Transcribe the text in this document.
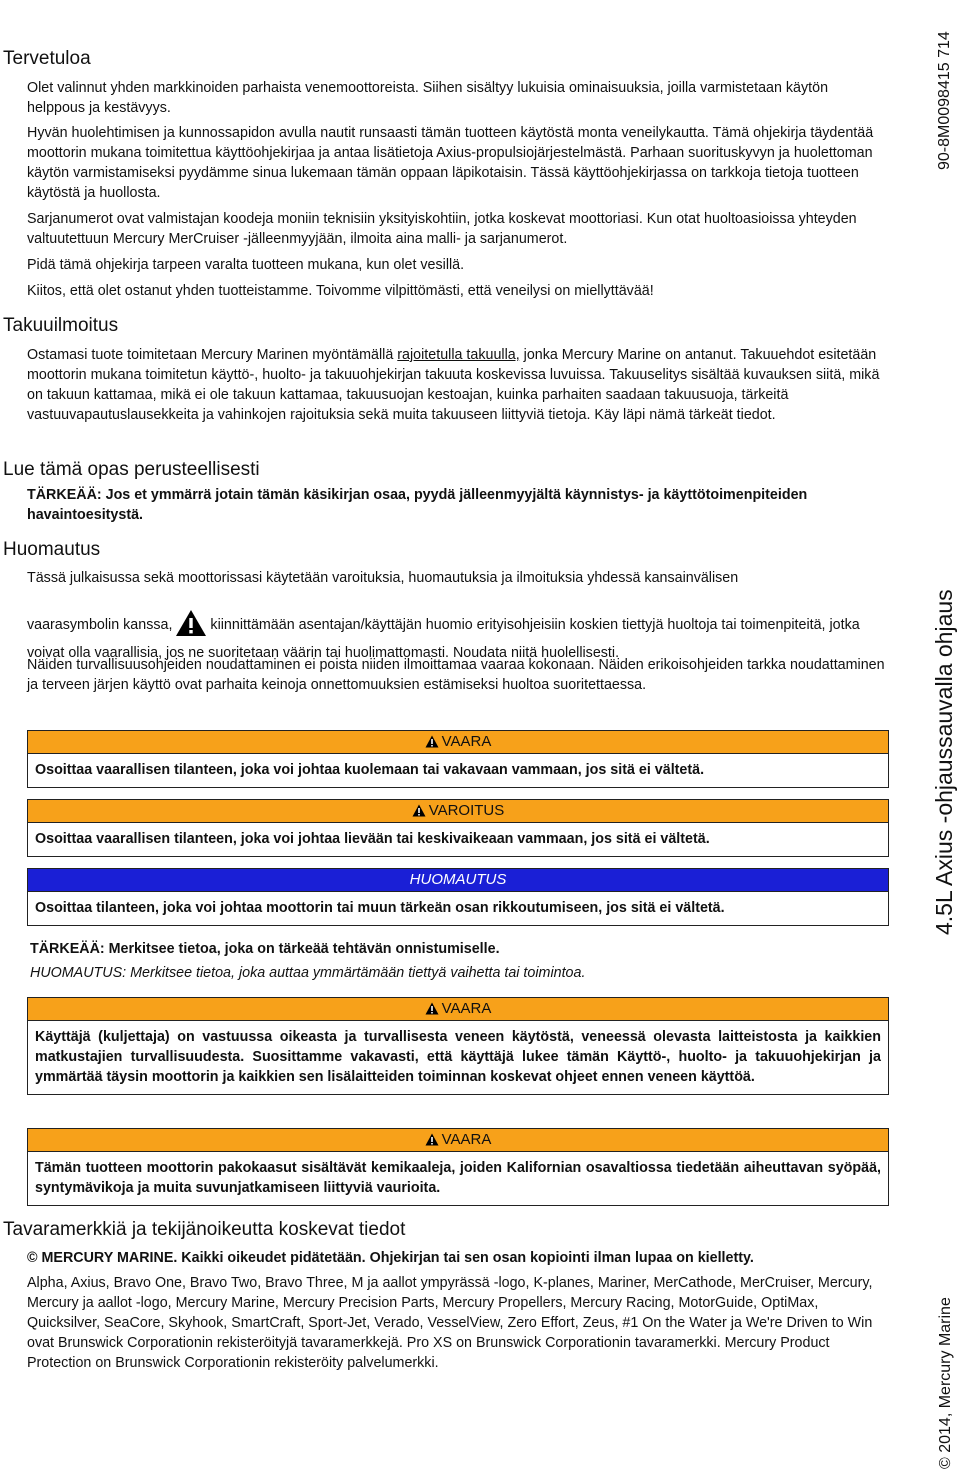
Tervetuloa

Olet valinnut yhden markkinoiden parhaista venemoottoreista. Siihen sisältyy lukuisia ominaisuuksia, joilla varmistetaan käytön helppous ja kestävyys.

Hyvän huolehtimisen ja kunnossapidon avulla nautit runsaasti tämän tuotteen käytöstä monta veneilykautta. Tämä ohjekirja täydentää moottorin mukana toimitettua käyttöohjekirjaa ja antaa lisätietoja Axius-propulsiojärjestelmästä. Parhaan suorituskyvyn ja huolettoman käytön varmistamiseksi pyydämme sinua lukemaan tämän oppaan läpikotaisin. Tässä käyttöohjekirjassa on tarkkoja tietoja tuotteen käytöstä ja huollosta.

Sarjanumerot ovat valmistajan koodeja moniin teknisiin yksityiskohtiin, jotka koskevat moottoriasi. Kun otat huoltoasioissa yhteyden valtuutettuun Mercury MerCruiser -jälleenmyyjään, ilmoita aina malli- ja sarjanumerot.

Pidä tämä ohjekirja tarpeen varalta tuotteen mukana, kun olet vesillä.

Kiitos, että olet ostanut yhden tuotteistamme. Toivomme vilpittömästi, että veneilysi on miellyttävää!

Takuuilmoitus

Ostamasi tuote toimitetaan Mercury Marinen myöntämällä rajoitetulla takuulla, jonka Mercury Marine on antanut. Takuuehdot esitetään moottorin mukana toimitetun käyttö-, huolto- ja takuuohjekirjan takuuta koskevissa luvuissa. Takuuselitys sisältää kuvauksen siitä, mikä on takuun kattamaa, mikä ei ole takuun kattamaa, takuusuojan kestoajan, kuinka parhaiten saadaan takuusuoja, tärkeitä vastuuvapautuslausekkeita ja vahinkojen rajoituksia sekä muita takuuseen liittyviä tietoja. Käy läpi nämä tärkeät tiedot.

Lue tämä opas perusteellisesti

TÄRKEÄÄ: Jos et ymmärrä jotain tämän käsikirjan osaa, pyydä jälleenmyyjältä käynnistys- ja käyttötoimenpiteiden havaintoesitystä.

Huomautus

Tässä julkaisussa sekä moottorissasi käytetään varoituksia, huomautuksia ja ilmoituksia yhdessä kansainvälisen

vaarasymbolin kanssa,	kiinnittämään asentajan/käyttäjän huomio erityisohjeisiin koskien tiettyjä huoltoja tai toimenpiteitä, jotka voivat olla vaarallisia, jos ne suoritetaan väärin tai huolimattomasti. Noudata niitä huolellisesti.

Näiden turvallisuusohjeiden noudattaminen ei poista niiden ilmoittamaa vaaraa kokonaan. Näiden erikoisohjeiden tarkka noudattaminen ja terveen järjen käyttö ovat parhaita keinoja onnettomuuksien estämiseksi huoltoa suoritettaessa.

VAARA
Osoittaa vaarallisen tilanteen, joka voi johtaa kuolemaan tai vakavaan vammaan, jos sitä ei vältetä.
VAROITUS
Osoittaa vaarallisen tilanteen, joka voi johtaa lievään tai keskivaikeaan vammaan, jos sitä ei vältetä.
HUOMAUTUS
Osoittaa tilanteen, joka voi johtaa moottorin tai muun tärkeän osan rikkoutumiseen, jos sitä ei vältetä.

TÄRKEÄÄ: Merkitsee tietoa, joka on tärkeää tehtävän onnistumiselle.

HUOMAUTUS: Merkitsee tietoa, joka auttaa ymmärtämään tiettyä vaihetta tai toimintoa.

VAARA
Käyttäjä (kuljettaja) on vastuussa oikeasta ja turvallisesta veneen käytöstä, veneessä olevasta laitteistosta ja kaikkien matkustajien turvallisuudesta. Suosittamme vakavasti, että käyttäjä lukee tämän Käyttö-, huolto- ja takuuohjekirjan ja ymmärtää täysin moottorin ja kaikkien sen lisälaitteiden toiminnan koskevat ohjeet ennen veneen käyttöä.
VAARA
Tämän tuotteen moottorin pakokaasut sisältävät kemikaaleja, joiden Kalifornian osavaltiossa tiedetään aiheuttavan syöpää, syntymävikoja ja muita suvunjatkamiseen liittyviä vaurioita.
Tavaramerkkiä ja tekijänoikeutta koskevat tiedot

© MERCURY MARINE. Kaikki oikeudet pidätetään. Ohjekirjan tai sen osan kopiointi ilman lupaa on kielletty.

Alpha, Axius, Bravo One, Bravo Two, Bravo Three, M ja aallot ympyrässä -logo, K-planes, Mariner, MerCathode, MerCruiser, Mercury, Mercury ja aallot -logo, Mercury Marine, Mercury Precision Parts, Mercury Propellers, Mercury Racing, MotorGuide, OptiMax, Quicksilver, SeaCore, Skyhook, SmartCraft, Sport-Jet, Verado, VesselView, Zero Effort, Zeus, #1 On the Water ja We're Driven to Win ovat Brunswick Corporationin rekisteröityjä tavaramerkkejä. Pro XS on Brunswick Corporationin tavaramerkki. Mercury Product Protection on Brunswick Corporationin rekisteröity palvelumerkki.

90-8M0098415 714
4.5L Axius -ohjaussauvalla ohjaus
© 2014, Mercury Marine
